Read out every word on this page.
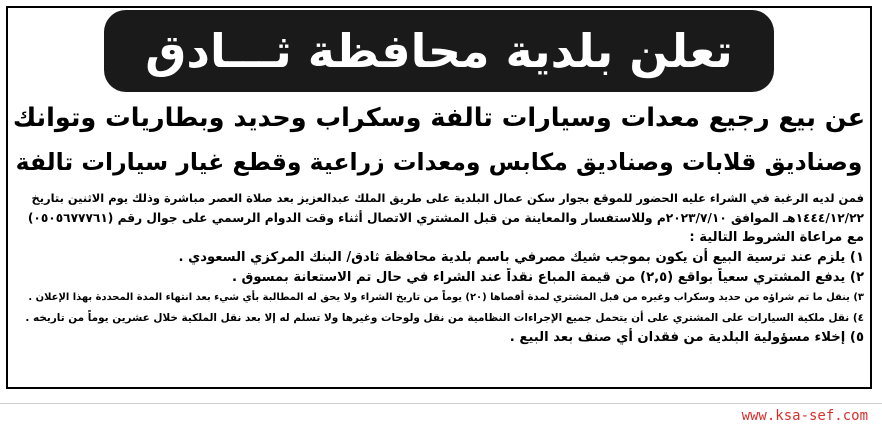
تعلن بلدية محافظة ثـــادق
عن بيع رجيع معدات وسيارات تالفة وسكراب وحديد وبطاريات وتوانك
وصناديق قلابات وصناديق مكابس ومعدات زراعية وقطع غيار سيارات تالفة
فمن لديه الرغبة في الشراء عليه الحضور للموقع بجوار سكن عمال البلدية على طريق الملك عبدالعزيز بعد صلاة العصر مباشرة وذلك يوم الاثنين بتاريخ
١٤٤٤/١٢/٢٢هـ الموافق ٢٠٢٣/٧/١٠م وللاستفسار والمعاينة من قبل المشتري الاتصال أثناء وقت الدوام الرسمي على جوال رقم (٠٥٠٥٦٧٧٧٦١)
مع مراعاة الشروط التالية :
١) يلزم عند ترسية البيع أن يكون بموجب شيك مصرفي باسم بلدية محافظة ثادق/ البنك المركزي السعودي .
٢) يدفع المشتري سعياً بواقع (٢,٥) من قيمة المباع نقداً عند الشراء في حال تم الاستعانة بمسوق .
٣) ينقل ما تم شراؤه من حديد وسكراب وغيره من قبل المشتري لمدة أقصاها (٢٠) يوماً من تاريخ الشراء ولا يحق له المطالبة بأي شيء بعد انتهاء المدة المحددة بهذا الإعلان .
٤) نقل ملكية السيارات على المشتري على أن يتحمل جميع الإجراءات النظامية من نقل ولوحات وغيرها ولا تسلم له إلا بعد نقل الملكية خلال عشرين يوماً من تاريخه .
٥) إخلاء مسؤولية البلدية من فقدان أي صنف بعد البيع .
www.ksa-sef.com
